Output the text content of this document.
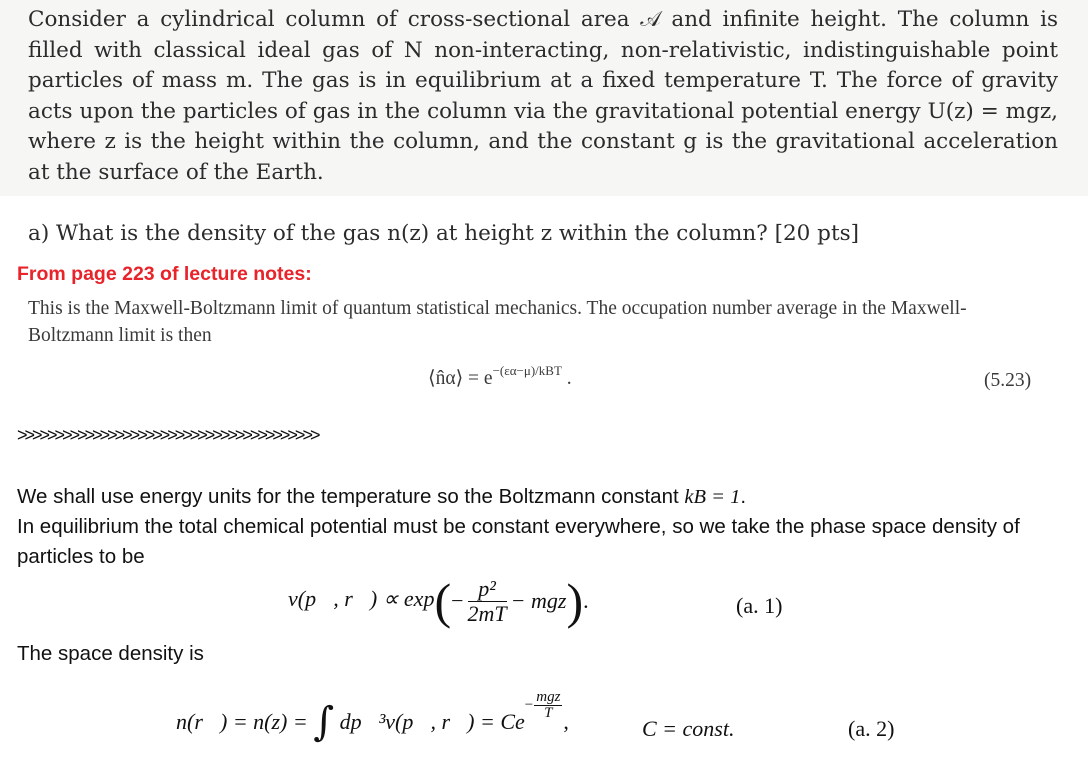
Consider a cylindrical column of cross-sectional area 𝒜 and infinite height. The column is filled with classical ideal gas of N non-interacting, non-relativistic, indistinguishable point particles of mass m. The gas is in equilibrium at a fixed temperature T. The force of gravity acts upon the particles of gas in the column via the gravitational potential energy U(z) = mgz, where z is the height within the column, and the constant g is the gravitational acceleration at the surface of the Earth.

a) What is the density of the gas n(z) at height z within the column? [20 pts]

From page 223 of lecture notes:

This is the Maxwell-Boltzmann limit of quantum statistical mechanics. The occupation number average in the Maxwell-Boltzmann limit is then

⟨n̂α⟩ = $e^{-(\varepsilon\alpha-\mu)/kBT}$ .	(5.23)
>>>>>>>>>>>>>>>>>>>>>>>>>>>>>>>>>>>>>>>>
We shall use energy units for the temperature so the Boltzmann constant kB = 1.
In equilibrium the total chemical potential must be constant everywhere, so we take the phase space density of particles to be
ν(p⃗, r⃗) ∝ $\exp(- \frac{\text{p²}}{2mT} - mgz)$.	(a. 1)
The space density is
n(r⃗) = n(z) = ∫ dp⃗³ν(p⃗, r⃗) = $Ce- \frac{\text{mgz}}{T}$
,	C = const.	(a. 2)
